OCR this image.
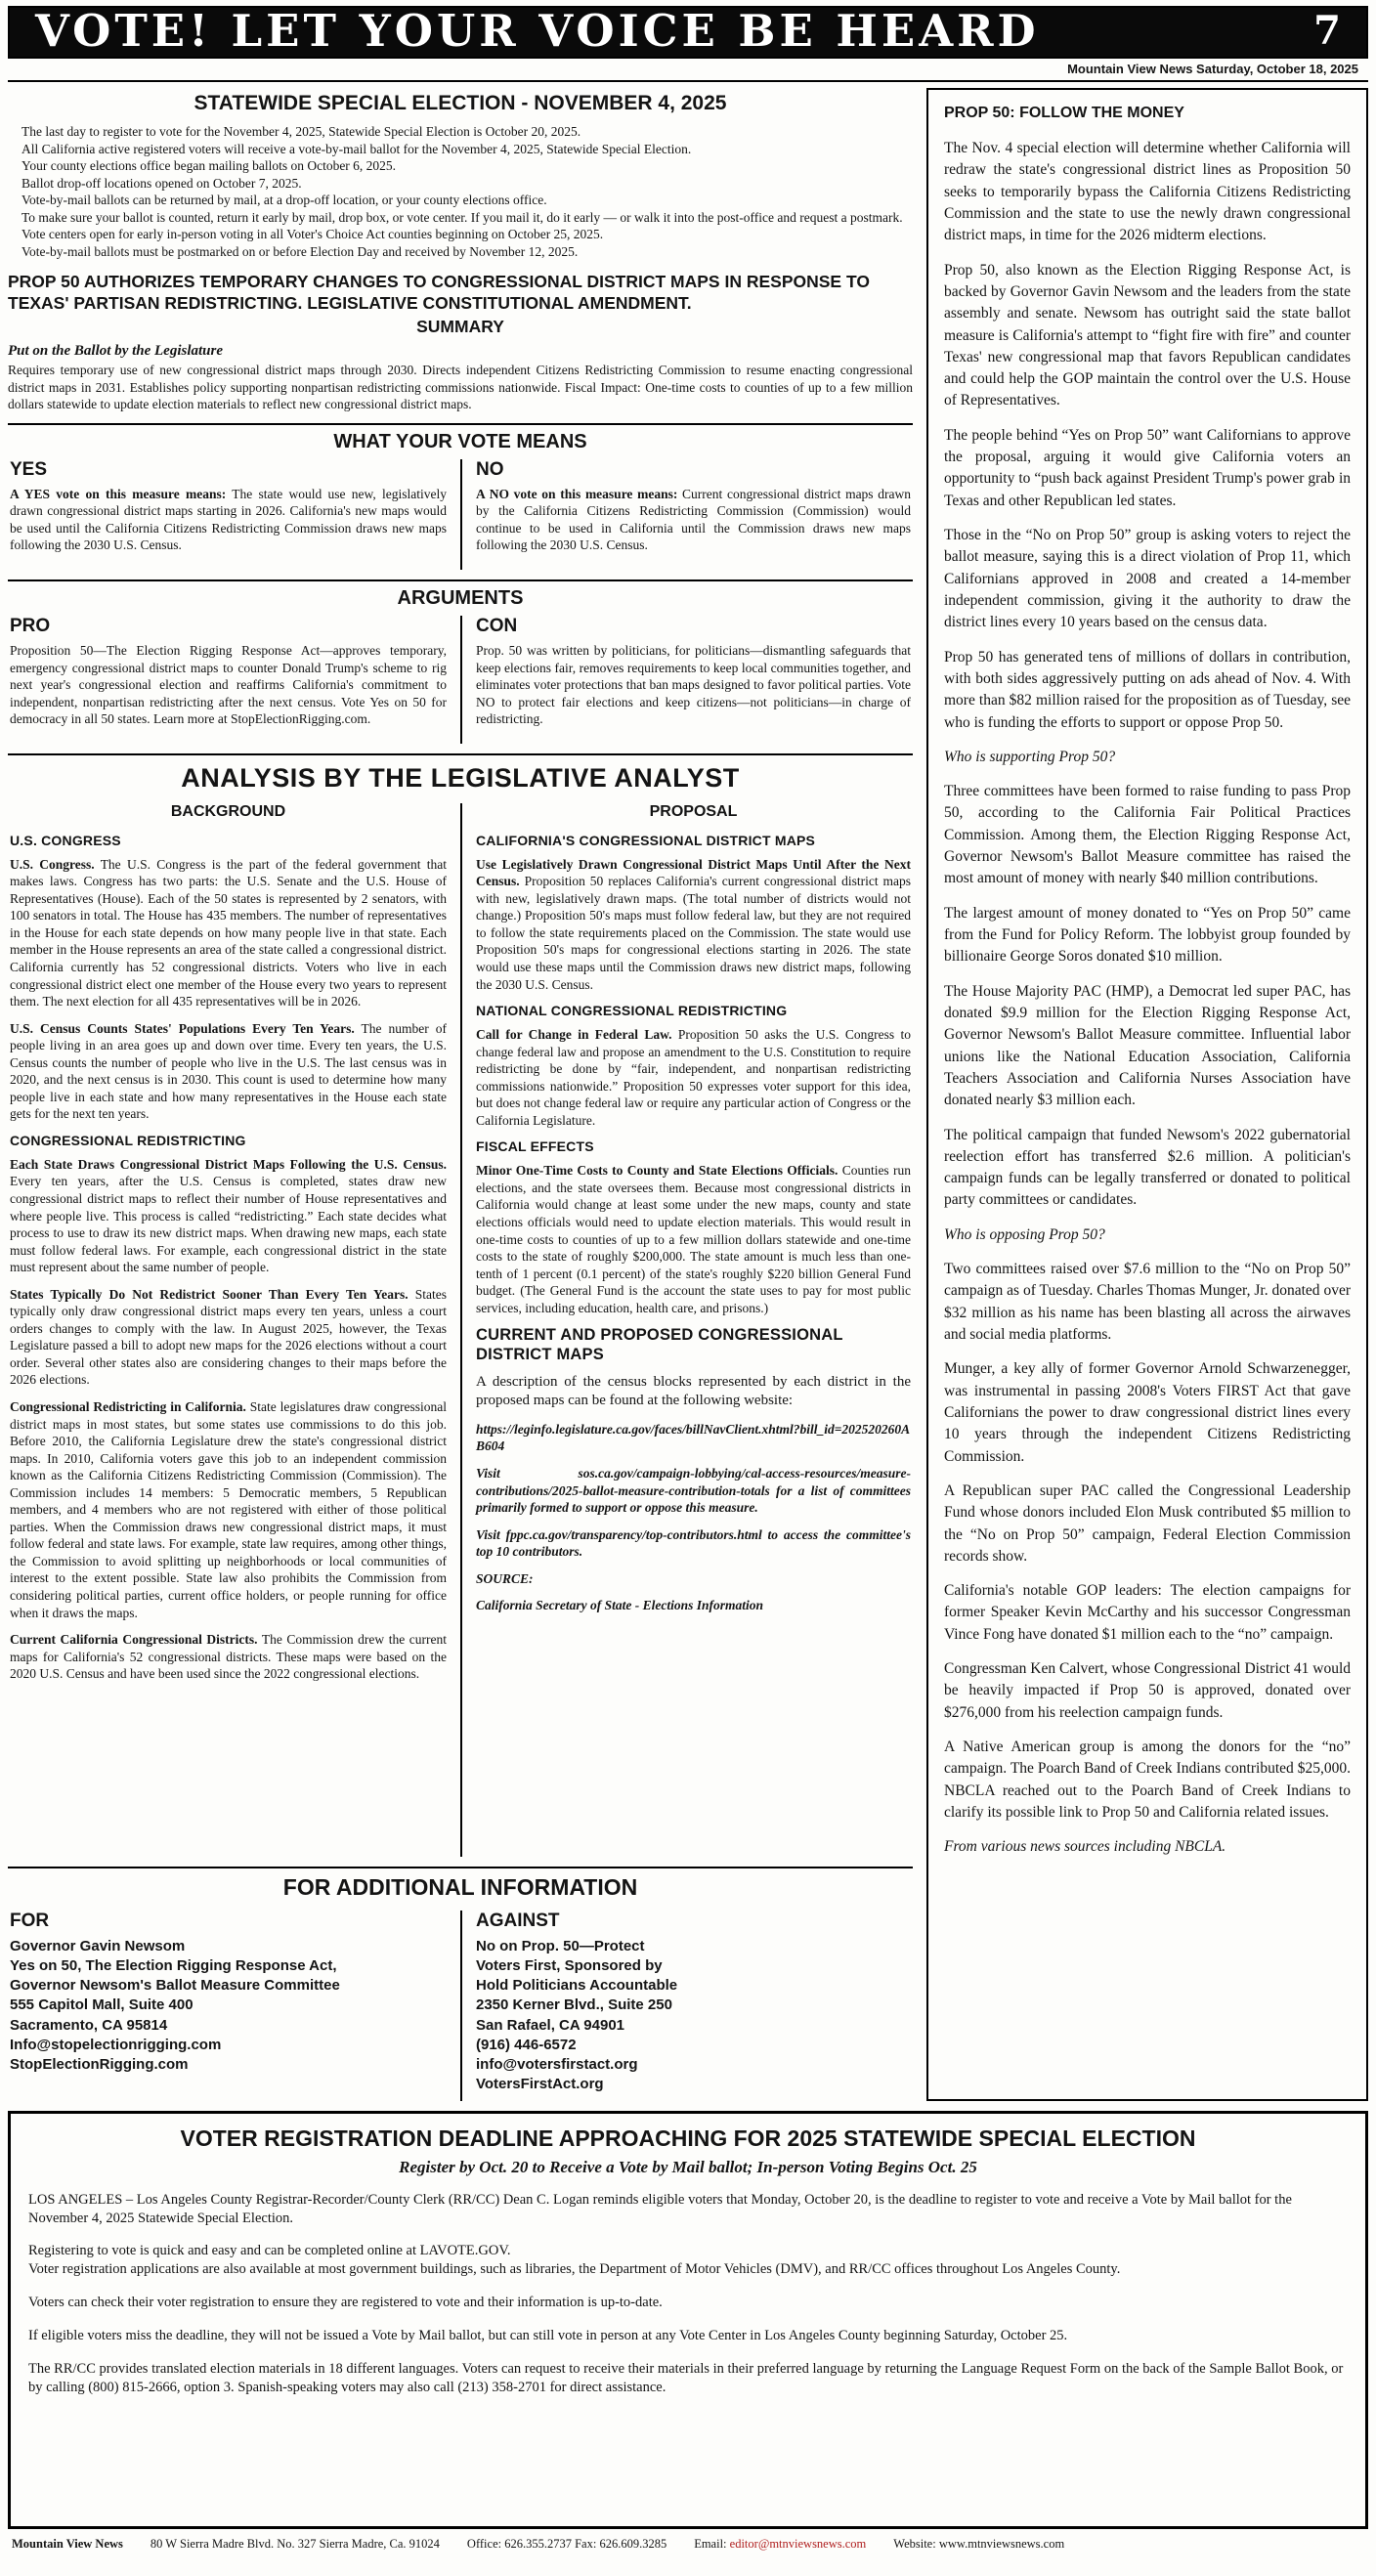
VOTE! LET YOUR VOICE BE HEARD	7
Mountain View News Saturday, October 18, 2025
STATEWIDE SPECIAL ELECTION - NOVEMBER 4, 2025

The last day to register to vote for the November 4, 2025, Statewide Special Election is October 20, 2025.

All California active registered voters will receive a vote-by-mail ballot for the November 4, 2025, Statewide Special Election.

Your county elections office began mailing ballots on October 6, 2025.

Ballot drop-off locations opened on October 7, 2025.

Vote-by-mail ballots can be returned by mail, at a drop-off location, or your county elections office.

To make sure your ballot is counted, return it early by mail, drop box, or vote center. If you mail it, do it early — or walk it into the post-office and request a postmark.

Vote centers open for early in-person voting in all Voter's Choice Act counties beginning on October 25, 2025.

Vote-by-mail ballots must be postmarked on or before Election Day and received by November 12, 2025.

PROP 50 AUTHORIZES TEMPORARY CHANGES TO CONGRESSIONAL DISTRICT MAPS IN RESPONSE TO TEXAS' PARTISAN REDISTRICTING. LEGISLATIVE CONSTITUTIONAL AMENDMENT.
SUMMARY
Put on the Ballot by the Legislature

Requires temporary use of new congressional district maps through 2030. Directs independent Citizens Redistricting Commission to resume enacting congressional district maps in 2031. Establishes policy supporting nonpartisan redistricting commissions nationwide. Fiscal Impact: One-time costs to counties of up to a few million dollars statewide to update election materials to reflect new congressional district maps.

WHAT YOUR VOTE MEANS
YES

A YES vote on this measure means: The state would use new, legislatively drawn congressional district maps starting in 2026. California's new maps would be used until the California Citizens Redistricting Commission draws new maps following the 2030 U.S. Census.

NO

A NO vote on this measure means: Current congressional district maps drawn by the California Citizens Redistricting Commission (Commission) would continue to be used in California until the Commission draws new maps following the 2030 U.S. Census.

ARGUMENTS
PRO

Proposition 50—The Election Rigging Response Act—approves temporary, emergency congressional district maps to counter Donald Trump's scheme to rig next year's congressional election and reaffirms California's commitment to independent, nonpartisan redistricting after the next census. Vote Yes on 50 for democracy in all 50 states. Learn more at StopElectionRigging.com.

CON

Prop. 50 was written by politicians, for politicians—dismantling safeguards that keep elections fair, removes requirements to keep local communities together, and eliminates voter protections that ban maps designed to favor political parties. Vote NO to protect fair elections and keep citizens—not politicians—in charge of redistricting.

ANALYSIS BY THE LEGISLATIVE ANALYST
BACKGROUND
U.S. CONGRESS

U.S. Congress. The U.S. Congress is the part of the federal government that makes laws. Congress has two parts: the U.S. Senate and the U.S. House of Representatives (House). Each of the 50 states is represented by 2 senators, with 100 senators in total. The House has 435 members. The number of representatives in the House for each state depends on how many people live in that state. Each member in the House represents an area of the state called a congressional district. California currently has 52 congressional districts. Voters who live in each congressional district elect one member of the House every two years to represent them. The next election for all 435 representatives will be in 2026.

U.S. Census Counts States' Populations Every Ten Years. The number of people living in an area goes up and down over time. Every ten years, the U.S. Census counts the number of people who live in the U.S. The last census was in 2020, and the next census is in 2030. This count is used to determine how many people live in each state and how many representatives in the House each state gets for the next ten years.

CONGRESSIONAL REDISTRICTING

Each State Draws Congressional District Maps Following the U.S. Census. Every ten years, after the U.S. Census is completed, states draw new congressional district maps to reflect their number of House representatives and where people live. This process is called “redistricting.” Each state decides what process to use to draw its new district maps. When drawing new maps, each state must follow federal laws. For example, each congressional district in the state must represent about the same number of people.

States Typically Do Not Redistrict Sooner Than Every Ten Years. States typically only draw congressional district maps every ten years, unless a court orders changes to comply with the law. In August 2025, however, the Texas Legislature passed a bill to adopt new maps for the 2026 elections without a court order. Several other states also are considering changes to their maps before the 2026 elections.

Congressional Redistricting in California. State legislatures draw congressional district maps in most states, but some states use commissions to do this job. Before 2010, the California Legislature drew the state's congressional district maps. In 2010, California voters gave this job to an independent commission known as the California Citizens Redistricting Commission (Commission). The Commission includes 14 members: 5 Democratic members, 5 Republican members, and 4 members who are not registered with either of those political parties. When the Commission draws new congressional district maps, it must follow federal and state laws. For example, state law requires, among other things, the Commission to avoid splitting up neighborhoods or local communities of interest to the extent possible. State law also prohibits the Commission from considering political parties, current office holders, or people running for office when it draws the maps.

Current California Congressional Districts. The Commission drew the current maps for California's 52 congressional districts. These maps were based on the 2020 U.S. Census and have been used since the 2022 congressional elections.

PROPOSAL
CALIFORNIA'S CONGRESSIONAL DISTRICT MAPS

Use Legislatively Drawn Congressional District Maps Until After the Next Census. Proposition 50 replaces California's current congressional district maps with new, legislatively drawn maps. (The total number of districts would not change.) Proposition 50's maps must follow federal law, but they are not required to follow the state requirements placed on the Commission. The state would use Proposition 50's maps for congressional elections starting in 2026. The state would use these maps until the Commission draws new district maps, following the 2030 U.S. Census.

NATIONAL CONGRESSIONAL REDISTRICTING

Call for Change in Federal Law. Proposition 50 asks the U.S. Congress to change federal law and propose an amendment to the U.S. Constitution to require redistricting be done by “fair, independent, and nonpartisan redistricting commissions nationwide.” Proposition 50 expresses voter support for this idea, but does not change federal law or require any particular action of Congress or the California Legislature.

FISCAL EFFECTS

Minor One-Time Costs to County and State Elections Officials. Counties run elections, and the state oversees them. Because most congressional districts in California would change at least some under the new maps, county and state elections officials would need to update election materials. This would result in one-time costs to counties of up to a few million dollars statewide and one-time costs to the state of roughly $200,000. The state amount is much less than one-tenth of 1 percent (0.1 percent) of the state's roughly $220 billion General Fund budget. (The General Fund is the account the state uses to pay for most public services, including education, health care, and prisons.)

CURRENT AND PROPOSED CONGRESSIONAL DISTRICT MAPS

A description of the census blocks represented by each district in the proposed maps can be found at the following website:

https://leginfo.legislature.ca.gov/faces/billNavClient.xhtml?bill_id=202520260AB604

Visit sos.ca.gov/campaign-lobbying/cal-access-resources/measure-contributions/2025-ballot-measure-contribution-totals for a list of committees primarily formed to support or oppose this measure.

Visit fppc.ca.gov/transparency/top-contributors.html to access the committee's top 10 contributors.

SOURCE:

California Secretary of State - Elections Information

FOR ADDITIONAL INFORMATION
FOR
Governor Gavin Newsom
Yes on 50, The Election Rigging Response Act,
Governor Newsom's Ballot Measure Committee
555 Capitol Mall, Suite 400
Sacramento, CA 95814
Info@stopelectionrigging.com
StopElectionRigging.com
AGAINST
No on Prop. 50—Protect
Voters First, Sponsored by
Hold Politicians Accountable
2350 Kerner Blvd., Suite 250
San Rafael, CA 94901
(916) 446-6572
info@votersfirstact.org
VotersFirstAct.org
PROP 50: FOLLOW THE MONEY

The Nov. 4 special election will determine whether California will redraw the state's congressional district lines as Proposition 50 seeks to temporarily bypass the California Citizens Redistricting Commission and the state to use the newly drawn congressional district maps, in time for the 2026 midterm elections.

Prop 50, also known as the Election Rigging Response Act, is backed by Governor Gavin Newsom and the leaders from the state assembly and senate. Newsom has outright said the state ballot measure is California's attempt to “fight fire with fire” and counter Texas' new congressional map that favors Republican candidates and could help the GOP maintain the control over the U.S. House of Representatives.

The people behind “Yes on Prop 50” want Californians to approve the proposal, arguing it would give California voters an opportunity to “push back against President Trump's power grab in Texas and other Republican led states.

Those in the “No on Prop 50” group is asking voters to reject the ballot measure, saying this is a direct violation of Prop 11, which Californians approved in 2008 and created a 14-member independent commission, giving it the authority to draw the district lines every 10 years based on the census data.

Prop 50 has generated tens of millions of dollars in contribution, with both sides aggressively putting on ads ahead of Nov. 4. With more than $82 million raised for the proposition as of Tuesday, see who is funding the efforts to support or oppose Prop 50.

Who is supporting Prop 50?

Three committees have been formed to raise funding to pass Prop 50, according to the California Fair Political Practices Commission. Among them, the Election Rigging Response Act, Governor Newsom's Ballot Measure committee has raised the most amount of money with nearly $40 million contributions.

The largest amount of money donated to “Yes on Prop 50” came from the Fund for Policy Reform. The lobbyist group founded by billionaire George Soros donated $10 million.

The House Majority PAC (HMP), a Democrat led super PAC, has donated $9.9 million for the Election Rigging Response Act, Governor Newsom's Ballot Measure committee. Influential labor unions like the National Education Association, California Teachers Association and California Nurses Association have donated nearly $3 million each.

The political campaign that funded Newsom's 2022 gubernatorial reelection effort has transferred $2.6 million. A politician's campaign funds can be legally transferred or donated to political party committees or candidates.

Who is opposing Prop 50?

Two committees raised over $7.6 million to the “No on Prop 50” campaign as of Tuesday. Charles Thomas Munger, Jr. donated over $32 million as his name has been blasting all across the airwaves and social media platforms.

Munger, a key ally of former Governor Arnold Schwarzenegger, was instrumental in passing 2008's Voters FIRST Act that gave Californians the power to draw congressional district lines every 10 years through the independent Citizens Redistricting Commission.

A Republican super PAC called the Congressional Leadership Fund whose donors included Elon Musk contributed $5 million to the “No on Prop 50” campaign, Federal Election Commission records show.

California's notable GOP leaders: The election campaigns for former Speaker Kevin McCarthy and his successor Congressman Vince Fong have donated $1 million each to the “no” campaign.

Congressman Ken Calvert, whose Congressional District 41 would be heavily impacted if Prop 50 is approved, donated over $276,000 from his reelection campaign funds.

A Native American group is among the donors for the “no” campaign. The Poarch Band of Creek Indians contributed $25,000. NBCLA reached out to the Poarch Band of Creek Indians to clarify its possible link to Prop 50 and California related issues.

From various news sources including NBCLA.

VOTER REGISTRATION DEADLINE APPROACHING FOR 2025 STATEWIDE SPECIAL ELECTION
Register by Oct. 20 to Receive a Vote by Mail ballot; In-person Voting Begins Oct. 25

LOS ANGELES – Los Angeles County Registrar-Recorder/County Clerk (RR/CC) Dean C. Logan reminds eligible voters that Monday, October 20, is the deadline to register to vote and receive a Vote by Mail ballot for the November 4, 2025 Statewide Special Election.

Registering to vote is quick and easy and can be completed online at LAVOTE.GOV.

Voter registration applications are also available at most government buildings, such as libraries, the Department of Motor Vehicles (DMV), and RR/CC offices throughout Los Angeles County.

Voters can check their voter registration to ensure they are registered to vote and their information is up-to-date.

If eligible voters miss the deadline, they will not be issued a Vote by Mail ballot, but can still vote in person at any Vote Center in Los Angeles County beginning Saturday, October 25.

The RR/CC provides translated election materials in 18 different languages. Voters can request to receive their materials in their preferred language by returning the Language Request Form on the back of the Sample Ballot Book, or by calling (800) 815-2666, option 3. Spanish-speaking voters may also call (213) 358-2701 for direct assistance.

Mountain View News 80 W Sierra Madre Blvd. No. 327 Sierra Madre, Ca. 91024 Office: 626.355.2737 Fax: 626.609.3285 Email: editor@mtnviewsnews.com Website: www.mtnviewsnews.com
